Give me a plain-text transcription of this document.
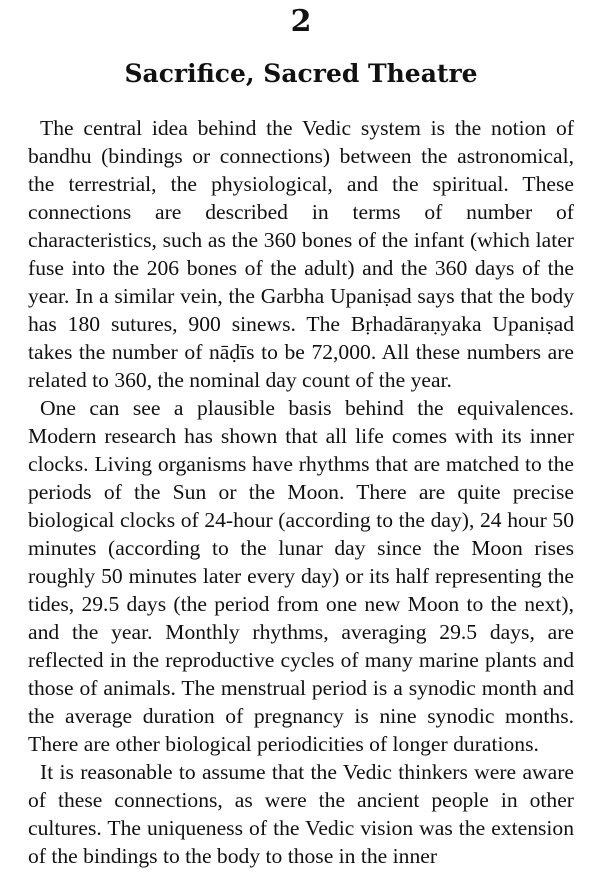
2
Sacrifice, Sacred Theatre

The central idea behind the Vedic system is the notion of bandhu (bindings or connections) between the astronomical, the terrestrial, the physiological, and the spiritual. These connections are described in terms of number of characteristics, such as the 360 bones of the infant (which later fuse into the 206 bones of the adult) and the 360 days of the year. In a similar vein, the Garbha Upaniṣad says that the body has 180 sutures, 900 sinews. The Bṛhadāraṇyaka Upaniṣad takes the number of nāḍīs to be 72,000. All these numbers are related to 360, the nominal day count of the year.

One can see a plausible basis behind the equivalences. Modern research has shown that all life comes with its inner clocks. Living organisms have rhythms that are matched to the periods of the Sun or the Moon. There are quite precise biological clocks of 24-hour (according to the day), 24 hour 50 minutes (according to the lunar day since the Moon rises roughly 50 minutes later every day) or its half representing the tides, 29.5 days (the period from one new Moon to the next), and the year. Monthly rhythms, averaging 29.5 days, are reflected in the reproductive cycles of many marine plants and those of animals. The menstrual period is a synodic month and the average duration of pregnancy is nine synodic months. There are other biological periodicities of longer durations.

It is reasonable to assume that the Vedic thinkers were aware of these connections, as were the ancient people in other cultures. The uniqueness of the Vedic vision was the extension of the bindings to the body to those in the inner
